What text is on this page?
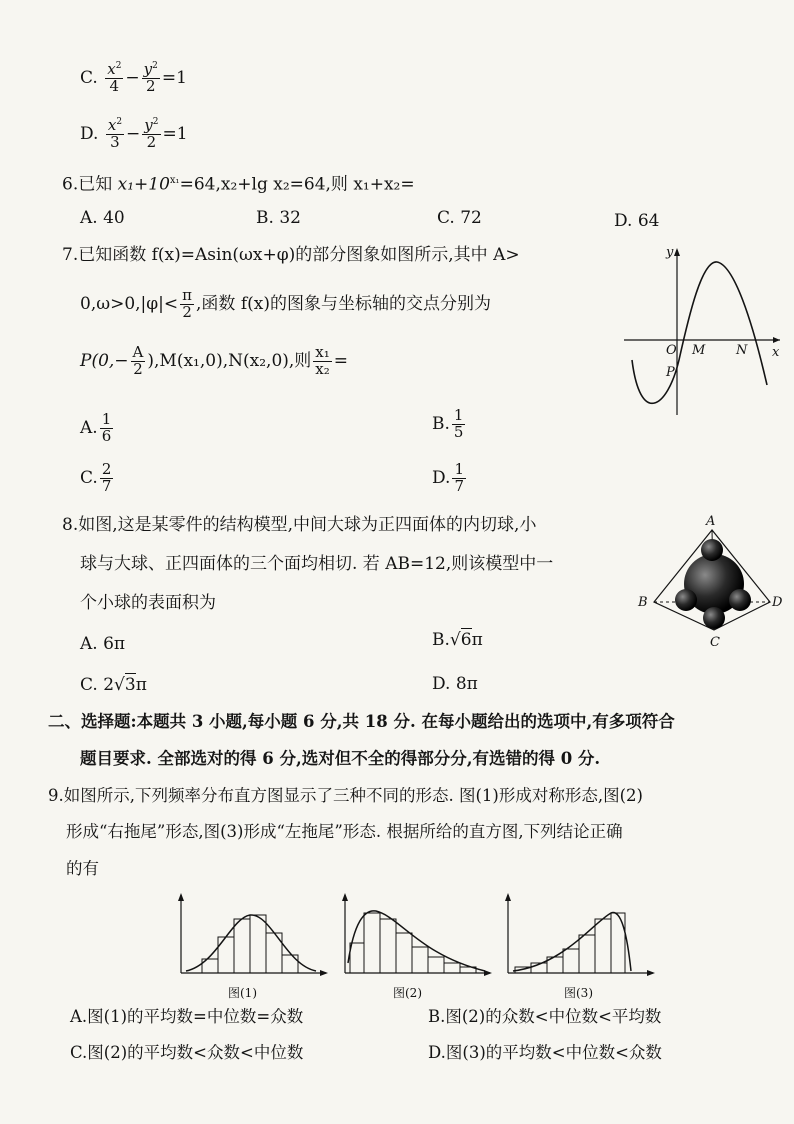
C. $\frac{x^2}{4} - \frac{y^2}{2} =1$
D. $\frac{x^2}{3} - \frac{y^2}{2} =1$
6.已知 $x_1+10^{x_1}=64,x_2+\lg$ x₂=64,则 x₁+x₂=
A. 40	B. 32	C. 72	D. 64
7.已知函数 f(x)=Asin(ωx+φ)的部分图象如图所示,其中 A>
$0,\omega>0,|\varphi|< \frac{\pi}{2}$ ,函数 f(x)的图象与坐标轴的交点分别为
$P(0,- \frac{A}{2} ),M(x_1,0),N(x_2,0)$,则 $\frac{\text{x₁}}{\text{x₂}}$ =
A. $\frac{1}{6}$	B. $\frac{1}{5}$
C. $\frac{2}{7}$	D. $\frac{1}{7}$
y
x
O M N
P
8.如图,这是某零件的结构模型,中间大球为正四面体的内切球,小
球与大球、正四面体的三个面均相切. 若 AB=12,则该模型中一
个小球的表面积为
A. 6π	B.√6π
C. 2√3π	D. 8π
A
B
C
D
二、选择题:本题共 3 小题,每小题 6 分,共 18 分. 在每小题给出的选项中,有多项符合
题目要求. 全部选对的得 6 分,选对但不全的得部分分,有选错的得 0 分.
9.如图所示,下列频率分布直方图显示了三种不同的形态. 图(1)形成对称形态,图(2)
形成“右拖尾”形态,图(3)形成“左拖尾”形态. 根据所给的直方图,下列结论正确
的有
图(1)	图(2)	图(3)
A.图(1)的平均数=中位数=众数	B.图(2)的众数<中位数<平均数
C.图(2)的平均数<众数<中位数	D.图(3)的平均数<中位数<众数
